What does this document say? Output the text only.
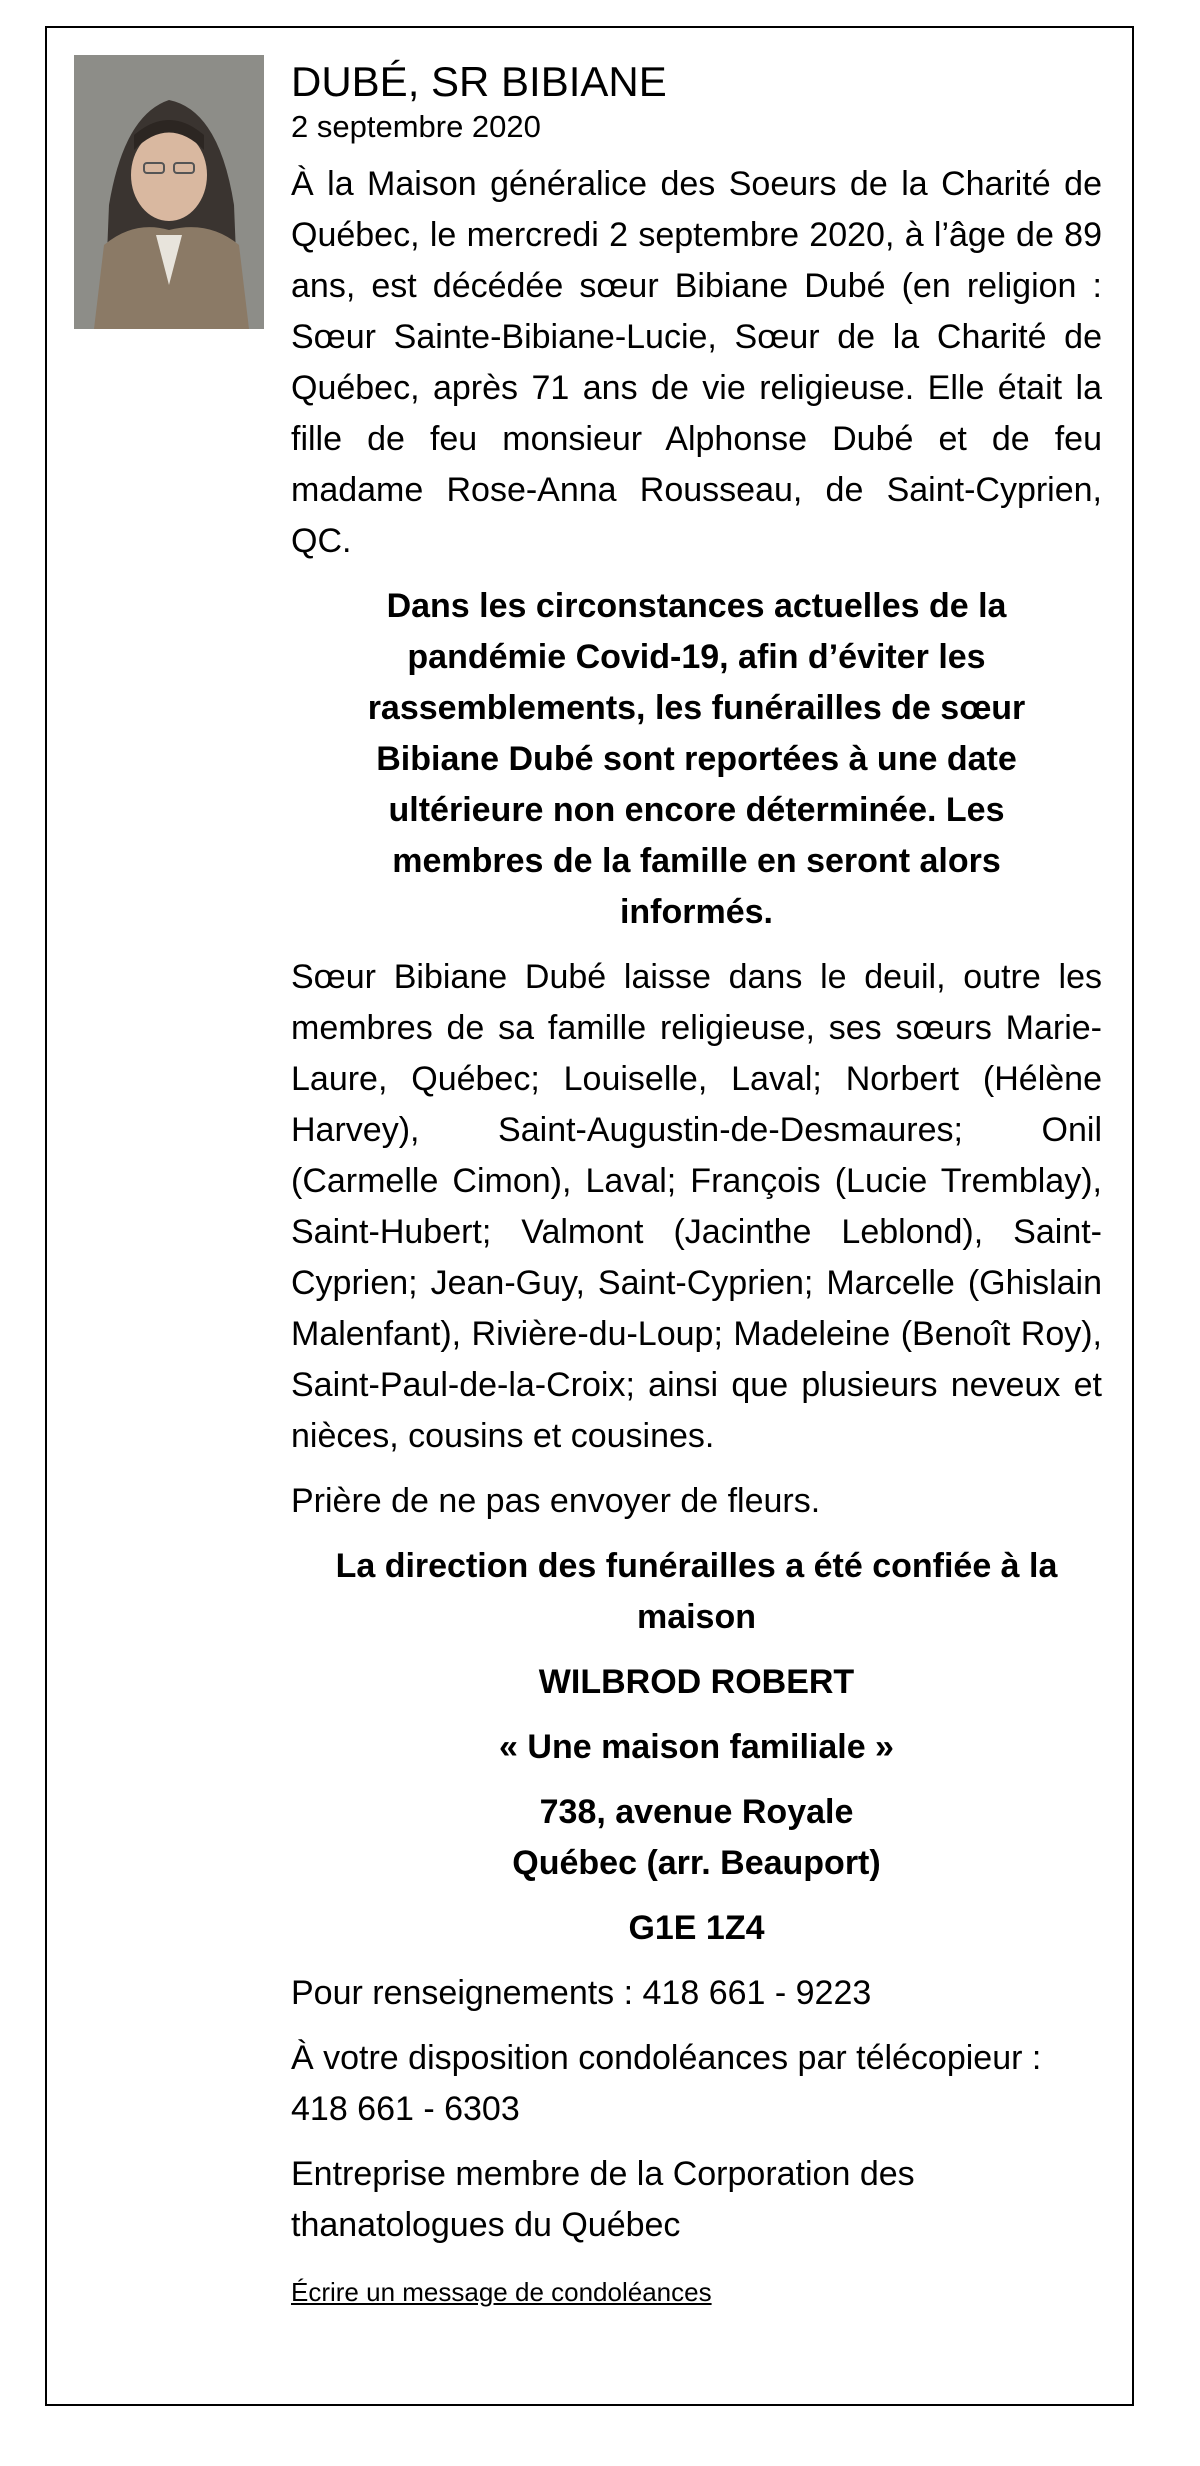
DUBÉ, SR BIBIANE
2 septembre 2020

À la Maison généralice des Soeurs de la Charité de Québec, le mercredi 2 septembre 2020, à l’âge de 89 ans, est décédée sœur Bibiane Dubé (en religion : Sœur Sainte-Bibiane-Lucie, Sœur de la Charité de Québec, après 71 ans de vie religieuse. Elle était la fille de feu monsieur Alphonse Dubé et de feu madame Rose-Anna Rousseau, de Saint-Cyprien, QC.

Dans les circonstances actuelles de la pandémie Covid-19, afin d’éviter les rassemblements, les funérailles de sœur Bibiane Dubé sont reportées à une date ultérieure non encore déterminée. Les membres de la famille en seront alors informés.

Sœur Bibiane Dubé laisse dans le deuil, outre les membres de sa famille religieuse, ses sœurs Marie-Laure, Québec; Louiselle, Laval; Norbert (Hélène Harvey), Saint-Augustin-de-Desmaures; Onil (Carmelle Cimon), Laval; François (Lucie Tremblay), Saint-Hubert; Valmont (Jacinthe Leblond), Saint-Cyprien; Jean-Guy, Saint-Cyprien; Marcelle (Ghislain Malenfant), Rivière-du-Loup; Madeleine (Benoît Roy), Saint-Paul-de-la-Croix; ainsi que plusieurs neveux et nièces, cousins et cousines.

Prière de ne pas envoyer de fleurs.

La direction des funérailles a été confiée à la maison

WILBROD ROBERT

« Une maison familiale »

738, avenue Royale
Québec (arr. Beauport)

G1E 1Z4

Pour renseignements : 418 661 - 9223

À votre disposition condoléances par télécopieur : 418 661 - 6303

Entreprise membre de la Corporation des thanatologues du Québec

Écrire un message de condoléances
